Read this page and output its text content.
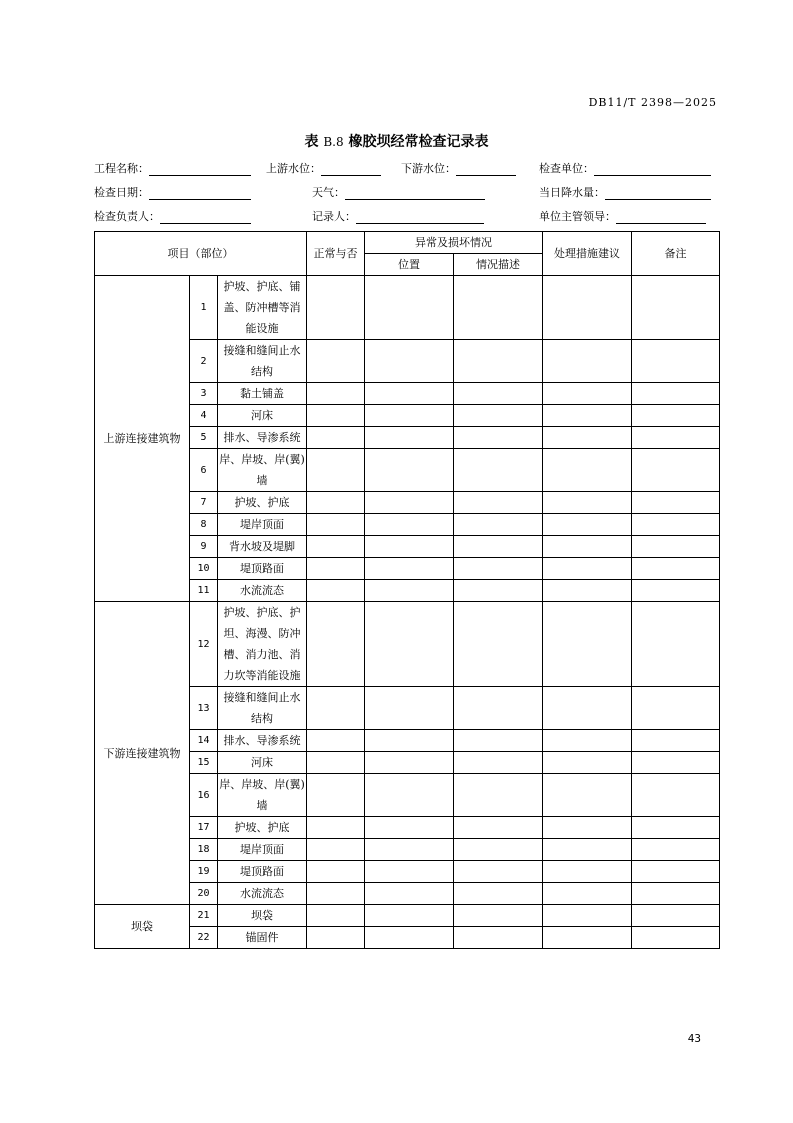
DB11/T 2398—2025
表 B.8 橡胶坝经常检查记录表
工程名称：	上游水位：	下游水位：	检查单位：
检查日期：	天气：	当日降水量：
检查负责人：	记录人：	单位主管领导：
项目（部位）			正常与否	异常及损坏情况		处理措施建议	备注
				位置	情况描述		
上游连接建筑物	1	护坡、护底、铺盖、防冲槽等消能设施					
	2	接缝和缝间止水结构					
	3	黏土铺盖					
	4	河床					
	5	排水、导渗系统					
	6	岸、岸坡、岸(翼)墙					
	7	护坡、护底					
	8	堤岸顶面					
	9	背水坡及堤脚					
	10	堤顶路面					
	11	水流流态					
下游连接建筑物	12	护坡、护底、护坦、海漫、防冲槽、消力池、消力坎等消能设施					
	13	接缝和缝间止水结构					
	14	排水、导渗系统					
	15	河床					
	16	岸、岸坡、岸(翼)墙					
	17	护坡、护底					
	18	堤岸顶面					
	19	堤顶路面					
	20	水流流态					
坝袋	21	坝袋					
	22	锚固件					
43
